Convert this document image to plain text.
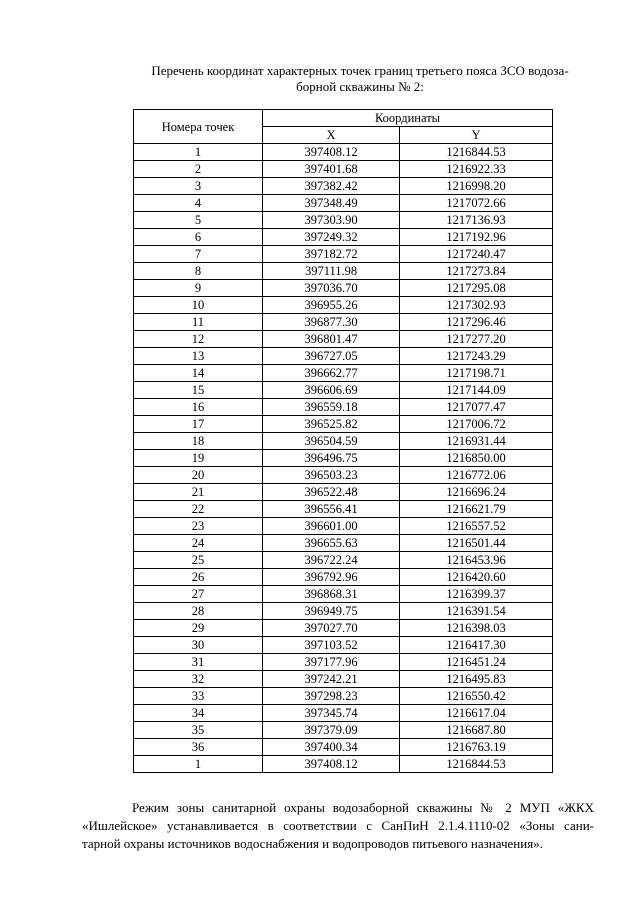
Перечень координат характерных точек границ третьего пояса ЗСО водоза-
борной скважины № 2:
Номера точек	Координаты	
	X	Y
1	397408.12	1216844.53
2	397401.68	1216922.33
3	397382.42	1216998.20
4	397348.49	1217072.66
5	397303.90	1217136.93
6	397249.32	1217192.96
7	397182.72	1217240.47
8	397111.98	1217273.84
9	397036.70	1217295.08
10	396955.26	1217302.93
11	396877.30	1217296.46
12	396801.47	1217277.20
13	396727.05	1217243.29
14	396662.77	1217198.71
15	396606.69	1217144.09
16	396559.18	1217077.47
17	396525.82	1217006.72
18	396504.59	1216931.44
19	396496.75	1216850.00
20	396503.23	1216772.06
21	396522.48	1216696.24
22	396556.41	1216621.79
23	396601.00	1216557.52
24	396655.63	1216501.44
25	396722.24	1216453.96
26	396792.96	1216420.60
27	396868.31	1216399.37
28	396949.75	1216391.54
29	397027.70	1216398.03
30	397103.52	1216417.30
31	397177.96	1216451.24
32	397242.21	1216495.83
33	397298.23	1216550.42
34	397345.74	1216617.04
35	397379.09	1216687.80
36	397400.34	1216763.19
1	397408.12	1216844.53
Режим зоны санитарной охраны водозаборной скважины № 2 МУП «ЖКХ
«Ишлейское» устанавливается в соответствии с СанПиН 2.1.4.1110-02 «Зоны сани-
тарной охраны источников водоснабжения и водопроводов питьевого назначения».
